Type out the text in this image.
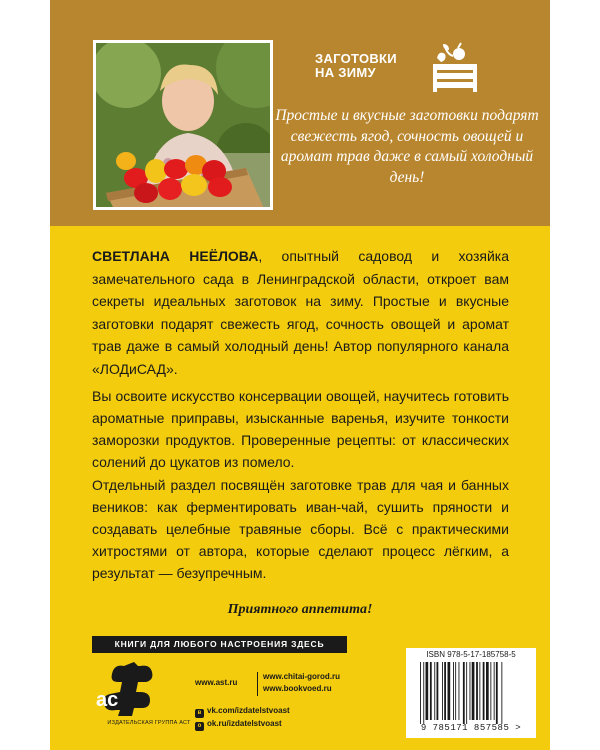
ЗАГОТОВКИ
НА ЗИМУ
Простые и вкусные заготовки подарят свежесть ягод, сочность овощей и аромат трав даже в самый холодный день!
СВЕТЛАНА НЕЁЛОВА, опытный садовод и хозяйка замечательного сада в Ленинградской области, откроет вам секреты идеальных заготовок на зиму. Простые и вкусные заготовки подарят свежесть ягод, сочность овощей и аромат трав даже в самый холодный день! Автор популярного канала «ЛОДиСАД».
Вы освоите искусство консервации овощей, научитесь готовить ароматные приправы, изысканные варенья, изучите тонкости заморозки продуктов. Проверенные рецепты: от классических солений до цукатов из помело.
Отдельный раздел посвящён заготовке трав для чая и банных веников: как ферментировать иван-чай, сушить пряности и создавать целебные травяные сборы. Всё с практическими хитростями от автора, которые сделают процесс лёгким, а результат — безупречным.
Приятного аппетита!
КНИГИ ДЛЯ ЛЮБОГО НАСТРОЕНИЯ ЗДЕСЬ
ас
ИЗДАТЕЛЬСКАЯ ГРУППА АСТ
www.ast.ru
www.chitai-gorod.ru
www.bookvoed.ru
в vk.com/izdatelstvoast
о ok.ru/izdatelstvoast
ISBN 978-5-17-185758-5
9 785171 857585 >
